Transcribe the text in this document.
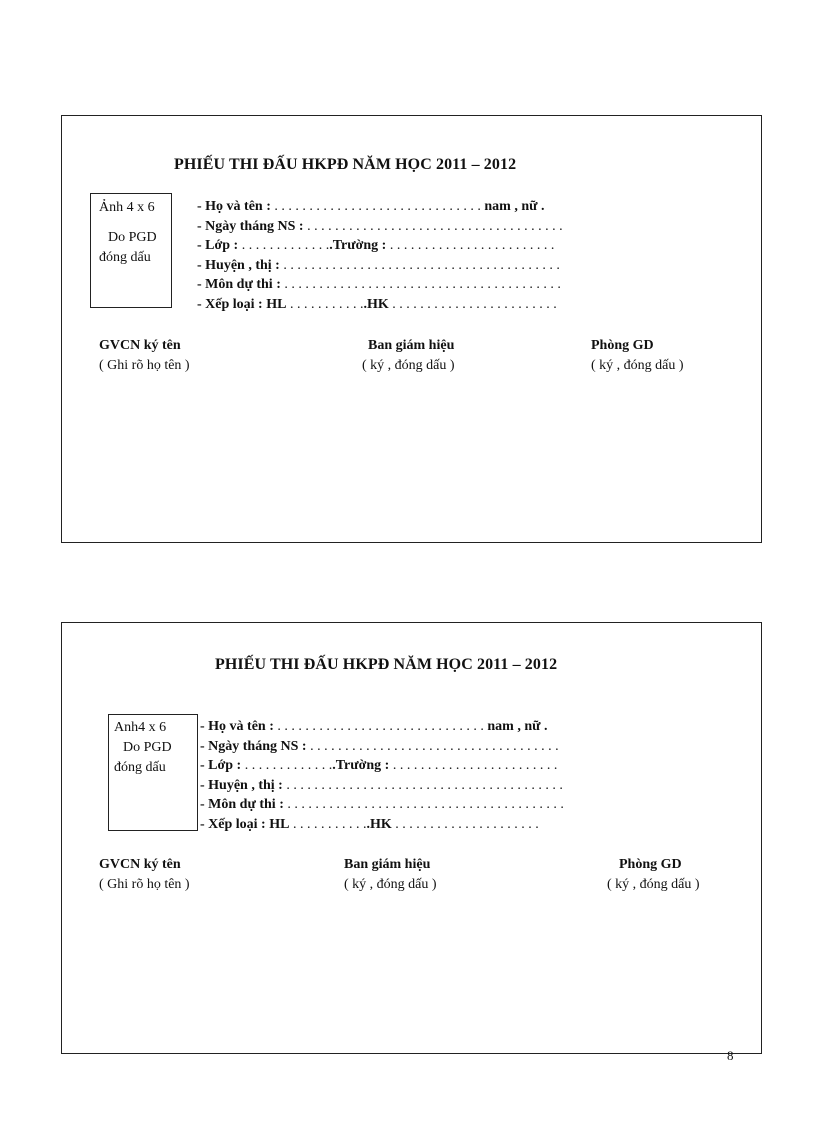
PHIẾU THI ĐẤU HKPĐ NĂM HỌC 2011 – 2012
Ảnh 4 x 6
Do PGD
đóng dấu
- Họ và tên : . . . . . . . . . . . . . . . . . . . . . . . . . . . . . . nam , nữ .
- Ngày tháng NS : . . . . . . . . . . . . . . . . . . . . . . . . . . . . . . . . . . . . .
- Lớp : . . . . . . . . . . . . ..Trường : . . . . . . . . . . . . . . . . . . . . . . . .
- Huyện , thị : . . . . . . . . . . . . . . . . . . . . . . . . . . . . . . . . . . . . . . . .
- Môn dự thi : . . . . . . . . . . . . . . . . . . . . . . . . . . . . . . . . . . . . . . . .
- Xếp loại : HL . . . . . . . . . . ..HK . . . . . . . . . . . . . . . . . . . . . . . .
GVCN ký tên
( Ghi rõ họ tên )
Ban giám hiệu
( ký , đóng dấu )
Phòng GD
( ký , đóng dấu )
PHIẾU THI ĐẤU HKPĐ NĂM HỌC 2011 – 2012
Anh4 x 6
Do PGD
đóng dấu
- Họ và tên : . . . . . . . . . . . . . . . . . . . . . . . . . . . . . . nam , nữ .
- Ngày tháng NS : . . . . . . . . . . . . . . . . . . . . . . . . . . . . . . . . . . . .
- Lớp : . . . . . . . . . . . . ..Trường : . . . . . . . . . . . . . . . . . . . . . . . .
- Huyện , thị : . . . . . . . . . . . . . . . . . . . . . . . . . . . . . . . . . . . . . . . .
- Môn dự thi : . . . . . . . . . . . . . . . . . . . . . . . . . . . . . . . . . . . . . . . .
- Xếp loại : HL . . . . . . . . . . ..HK . . . . . . . . . . . . . . . . . . . . .
GVCN ký tên
( Ghi rõ họ tên )
Ban giám hiệu
( ký , đóng dấu )
Phòng GD
( ký , đóng dấu )
8
